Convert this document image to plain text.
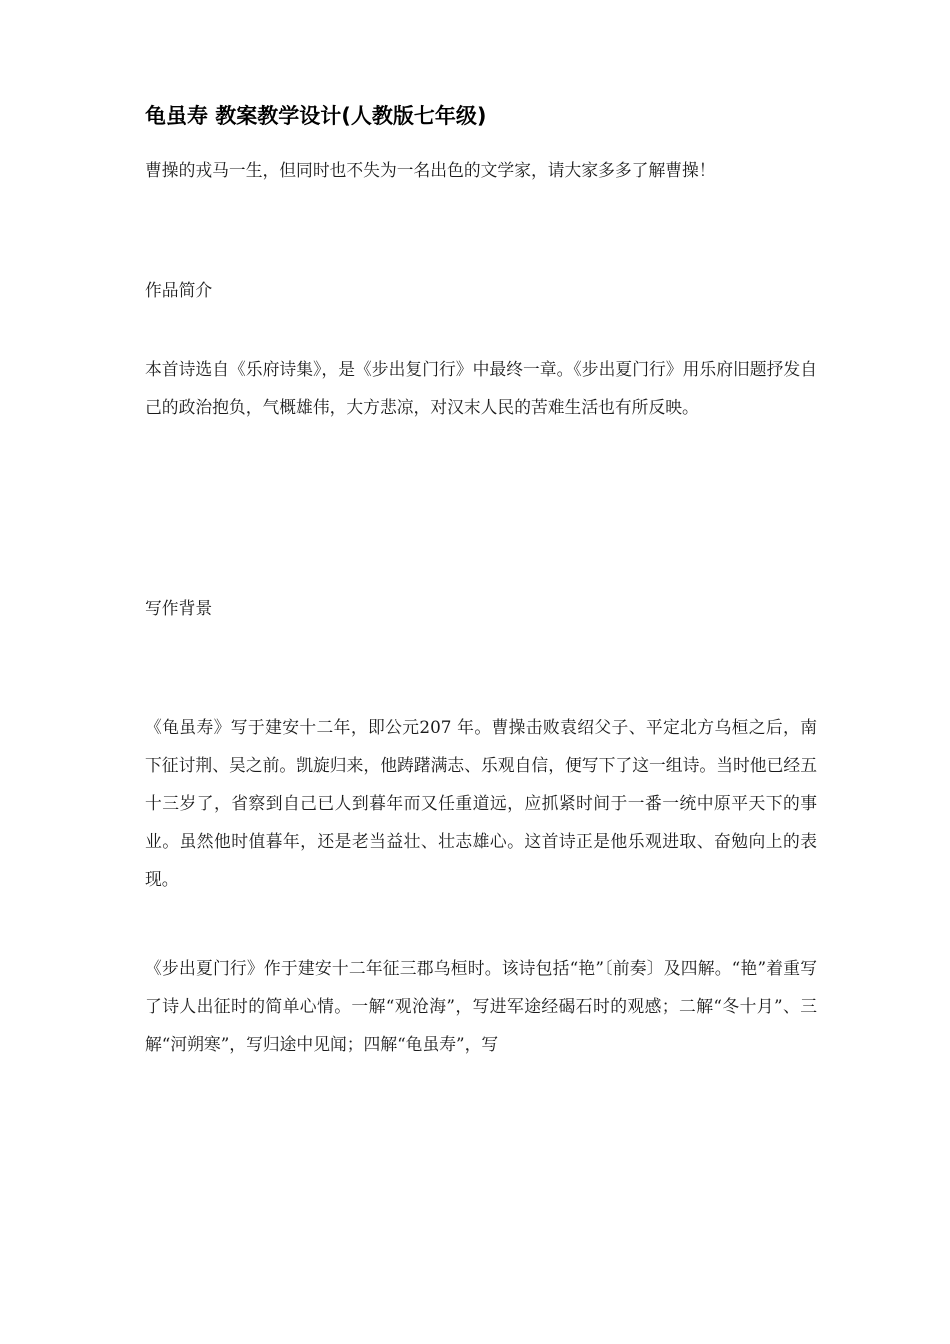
龟虽寿 教案教学设计(人教版七年级)
曹操的戎马一生，但同时也不失为一名出色的文学家，请大家多多了解曹操！
作品简介
本首诗选自《乐府诗集》，是《步出复门行》中最终一章。《步出夏门行》用乐府旧题抒发自己的政治抱负，气概雄伟，大方悲凉，对汉末人民的苦难生活也有所反映。
写作背景
《龟虽寿》写于建安十二年，即公元207 年。曹操击败袁绍父子、平定北方乌桓之后，南下征讨荆、吴之前。凯旋归来，他踌躇满志、乐观自信，便写下了这一组诗。当时他已经五十三岁了，省察到自己已人到暮年而又任重道远，应抓紧时间于一番一统中原平天下的事业。虽然他时值暮年，还是老当益壮、壮志雄心。这首诗正是他乐观进取、奋勉向上的表现。
《步出夏门行》作于建安十二年征三郡乌桓时。该诗包括“艳”〔前奏〕及四解。“艳”着重写了诗人出征时的简单心情。一解“观沧海”，写进军途经碣石时的观感；二解“冬十月”、三解“河朔寒”，写归途中见闻；四解“龟虽寿”，写
